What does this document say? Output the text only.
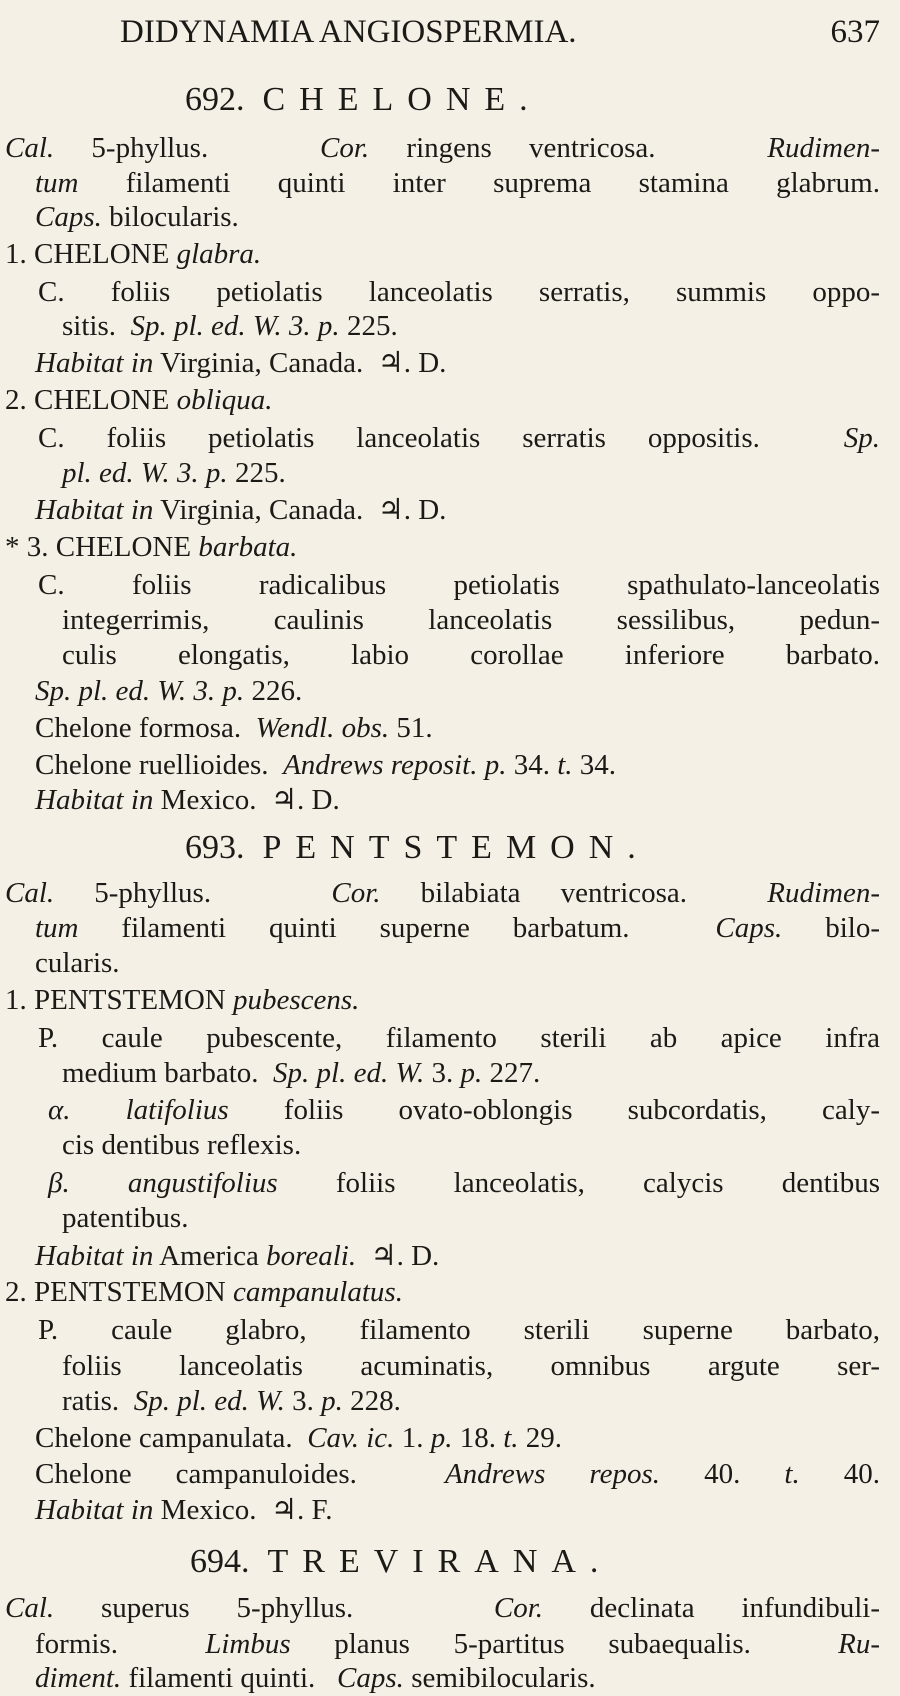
DIDYNAMIA ANGIOSPERMIA.	637
692. CHELONE.
Cal. 5-phyllus.   Cor. ringens ventricosa.   Rudimen-
tum filamenti quinti inter suprema stamina glabrum.
Caps. bilocularis.
1. CHELONE glabra.
C. foliis petiolatis lanceolatis serratis, summis oppo-
sitis.  Sp. pl. ed. W. 3. p. 225.
Habitat in Virginia, Canada.  ♃. D.
2. CHELONE obliqua.
C. foliis petiolatis lanceolatis serratis oppositis.  Sp.
pl. ed. W. 3. p. 225.
Habitat in Virginia, Canada.  ♃. D.
* 3. CHELONE barbata.
C. foliis radicalibus petiolatis spathulato-lanceolatis
integerrimis, caulinis lanceolatis sessilibus, pedun-
culis elongatis, labio corollae inferiore barbato.
Sp. pl. ed. W. 3. p. 226.
Chelone formosa.  Wendl. obs. 51.
Chelone ruellioides.  Andrews reposit. p. 34. t. 34.
Habitat in Mexico.  ♃. D.
693. PENTSTEMON.
Cal. 5-phyllus.   Cor. bilabiata ventricosa.  Rudimen-
tum filamenti quinti superne barbatum.  Caps. bilo-
cularis.
1. PENTSTEMON pubescens.
P. caule pubescente, filamento sterili ab apice infra
medium barbato.  Sp. pl. ed. W. 3. p. 227.
α. latifolius foliis ovato-oblongis subcordatis, caly-
cis dentibus reflexis.
β. angustifolius foliis lanceolatis, calycis dentibus
patentibus.
Habitat in America boreali.  ♃. D.
2. PENTSTEMON campanulatus.
P. caule glabro, filamento sterili superne barbato,
foliis lanceolatis acuminatis, omnibus argute ser-
ratis.  Sp. pl. ed. W. 3. p. 228.
Chelone campanulata.  Cav. ic. 1. p. 18. t. 29.
Chelone campanuloides.  Andrews repos. 40. t. 40.
Habitat in Mexico.  ♃. F.
694. TREVIRANA.
Cal. superus 5-phyllus.   Cor. declinata infundibuli-
formis.  Limbus planus 5-partitus subaequalis.  Ru-
diment. filamenti quinti.   Caps. semibilocularis.
